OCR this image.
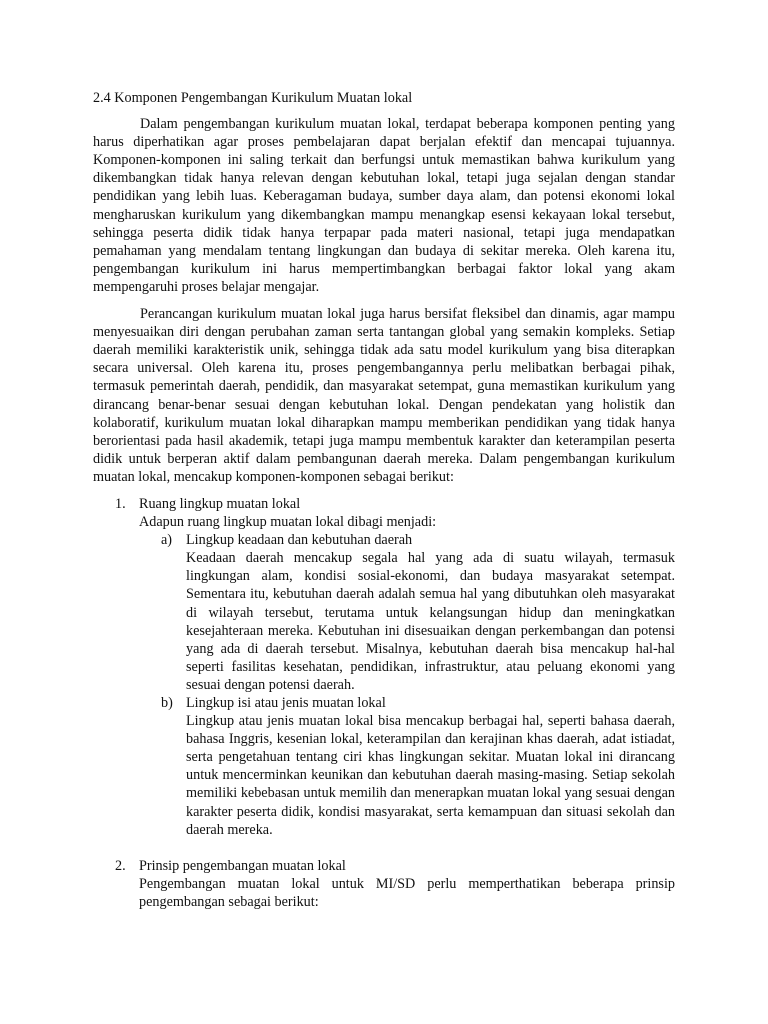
2.4 Komponen Pengembangan Kurikulum Muatan lokal

Dalam pengembangan kurikulum muatan lokal, terdapat beberapa komponen penting yang harus diperhatikan agar proses pembelajaran dapat berjalan efektif dan mencapai tujuannya. Komponen-komponen ini saling terkait dan berfungsi untuk memastikan bahwa kurikulum yang dikembangkan tidak hanya relevan dengan kebutuhan lokal, tetapi juga sejalan dengan standar pendidikan yang lebih luas. Keberagaman budaya, sumber daya alam, dan potensi ekonomi lokal mengharuskan kurikulum yang dikembangkan mampu menangkap esensi kekayaan lokal tersebut, sehingga peserta didik tidak hanya terpapar pada materi nasional, tetapi juga mendapatkan pemahaman yang mendalam tentang lingkungan dan budaya di sekitar mereka. Oleh karena itu, pengembangan kurikulum ini harus mempertimbangkan berbagai faktor lokal yang akam mempengaruhi proses belajar mengajar.

Perancangan kurikulum muatan lokal juga harus bersifat fleksibel dan dinamis, agar mampu menyesuaikan diri dengan perubahan zaman serta tantangan global yang semakin kompleks. Setiap daerah memiliki karakteristik unik, sehingga tidak ada satu model kurikulum yang bisa diterapkan secara universal. Oleh karena itu, proses pengembangannya perlu melibatkan berbagai pihak, termasuk pemerintah daerah, pendidik, dan masyarakat setempat, guna memastikan kurikulum yang dirancang benar-benar sesuai dengan kebutuhan lokal. Dengan pendekatan yang holistik dan kolaboratif, kurikulum muatan lokal diharapkan mampu memberikan pendidikan yang tidak hanya berorientasi pada hasil akademik, tetapi juga mampu membentuk karakter dan keterampilan peserta didik untuk berperan aktif dalam pembangunan daerah mereka. Dalam pengembangan kurikulum muatan lokal, mencakup komponen-komponen sebagai berikut:

1. Ruang lingkup muatan lokal
Adapun ruang lingkup muatan lokal dibagi menjadi:
a) Lingkup keadaan dan kebutuhan daerah
Keadaan daerah mencakup segala hal yang ada di suatu wilayah, termasuk lingkungan alam, kondisi sosial-ekonomi, dan budaya masyarakat setempat. Sementara itu, kebutuhan daerah adalah semua hal yang dibutuhkan oleh masyarakat di wilayah tersebut, terutama untuk kelangsungan hidup dan meningkatkan kesejahteraan mereka. Kebutuhan ini disesuaikan dengan perkembangan dan potensi yang ada di daerah tersebut. Misalnya, kebutuhan daerah bisa mencakup hal-hal seperti fasilitas kesehatan, pendidikan, infrastruktur, atau peluang ekonomi yang sesuai dengan potensi daerah.
b) Lingkup isi atau jenis muatan lokal
Lingkup atau jenis muatan lokal bisa mencakup berbagai hal, seperti bahasa daerah, bahasa Inggris, kesenian lokal, keterampilan dan kerajinan khas daerah, adat istiadat, serta pengetahuan tentang ciri khas lingkungan sekitar. Muatan lokal ini dirancang untuk mencerminkan keunikan dan kebutuhan daerah masing-masing. Setiap sekolah memiliki kebebasan untuk memilih dan menerapkan muatan lokal yang sesuai dengan karakter peserta didik, kondisi masyarakat, serta kemampuan dan situasi sekolah dan daerah mereka.
2. Prinsip pengembangan muatan lokal
Pengembangan muatan lokal untuk MI/SD perlu memperthatikan beberapa prinsip pengembangan sebagai berikut:
